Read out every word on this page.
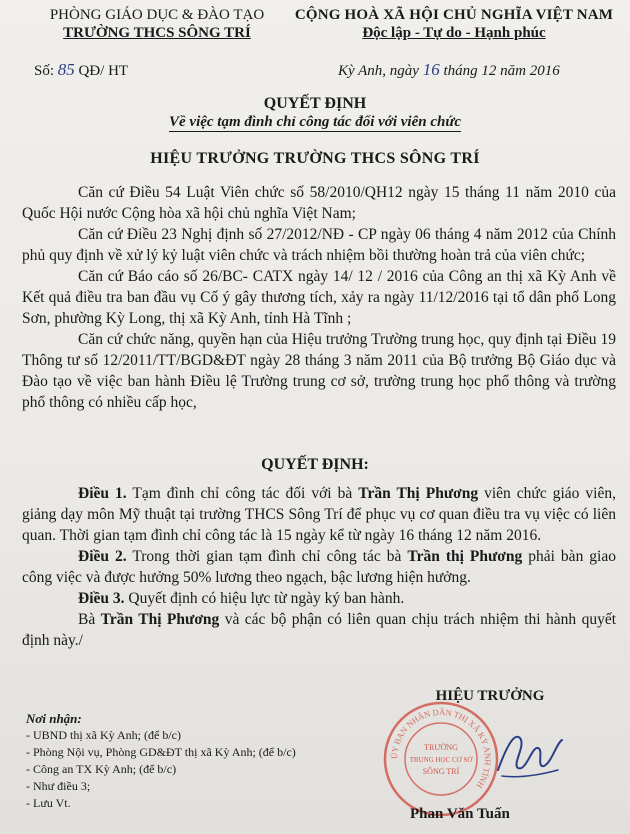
PHÒNG GIÁO DỤC & ĐÀO TẠO
TRƯỜNG THCS SÔNG TRÍ
CỘNG HOÀ XÃ HỘI CHỦ NGHĨA VIỆT NAM
Độc lập - Tự do - Hạnh phúc
Số: 85 QĐ/ HT	Kỳ Anh, ngày 16 tháng 12 năm 2016
QUYẾT ĐỊNH
Về việc tạm đình chỉ công tác đối với viên chức
HIỆU TRƯỞNG TRƯỜNG THCS SÔNG TRÍ

Căn cứ Điều 54 Luật Viên chức số 58/2010/QH12 ngày 15 tháng 11 năm 2010 của Quốc Hội nước Cộng hòa xã hội chủ nghĩa Việt Nam;

Căn cứ Điều 23 Nghị định số 27/2012/NĐ - CP ngày 06 tháng 4 năm 2012 của Chính phủ quy định về xử lý kỷ luật viên chức và trách nhiệm bồi thường hoàn trả của viên chức;

Căn cứ Báo cáo số 26/BC- CATX ngày 14/ 12 / 2016 của Công an thị xã Kỳ Anh về Kết quả điều tra ban đầu vụ Cố ý gây thương tích, xảy ra ngày 11/12/2016 tại tổ dân phố Long Sơn, phường Kỳ Long, thị xã Kỳ Anh, tỉnh Hà Tĩnh ;

Căn cứ chức năng, quyền hạn của Hiệu trưởng Trường trung học, quy định tại Điều 19 Thông tư số 12/2011/TT/BGD&ĐT ngày 28 tháng 3 năm 2011 của Bộ trưởng Bộ Giáo dục và Đào tạo về việc ban hành Điều lệ Trường trung cơ sở, trường trung học phổ thông và trường phổ thông có nhiều cấp học,

QUYẾT ĐỊNH:

Điều 1. Tạm đình chỉ công tác đối với bà Trần Thị Phương viên chức giáo viên, giảng dạy môn Mỹ thuật tại trường THCS Sông Trí để phục vụ cơ quan điều tra vụ việc có liên quan. Thời gian tạm đình chỉ công tác là 15 ngày kể từ ngày 16 tháng 12 năm 2016.

Điều 2. Trong thời gian tạm đình chỉ công tác bà Trần thị Phương phải bàn giao công việc và được hưởng 50% lương theo ngạch, bậc lương hiện hưởng.

Điều 3. Quyết định có hiệu lực từ ngày ký ban hành.

Bà Trần Thị Phương và các bộ phận có liên quan chịu trách nhiệm thi hành quyết định này./

Nơi nhận:
- UBND thị xã Kỳ Anh; (để b/c)
- Phòng Nội vụ, Phòng GD&ĐT thị xã Kỳ Anh; (để b/c)
- Công an TX Kỳ Anh; (để b/c)
- Như điều 3;
- Lưu Vt.
HIỆU TRƯỞNG
ỦY BAN NHÂN DÂN THỊ XÃ KỲ ANH TỈNH
TRƯỜNG
TRUNG HỌC CƠ SỞ
SÔNG TRÍ
Phan Văn Tuấn
